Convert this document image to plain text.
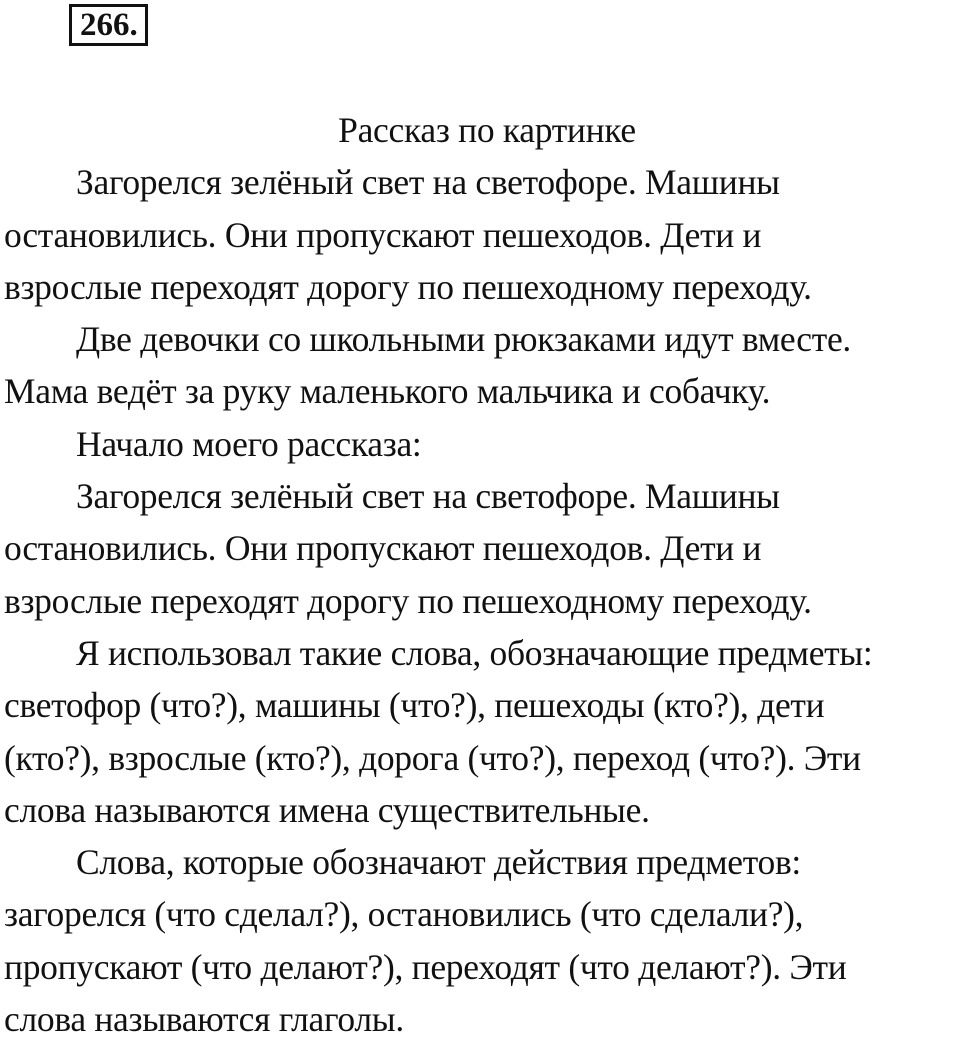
266.
Рассказ по картинке
Загорелся зелёный свет на светофоре. Машины
остановились. Они пропускают пешеходов. Дети и
взрослые переходят дорогу по пешеходному переходу.
Две девочки со школьными рюкзаками идут вместе.
Мама ведёт за руку маленького мальчика и собачку.
Начало моего рассказа:
Загорелся зелёный свет на светофоре. Машины
остановились. Они пропускают пешеходов. Дети и
взрослые переходят дорогу по пешеходному переходу.
Я использовал такие слова, обозначающие предметы:
светофор (что?), машины (что?), пешеходы (кто?), дети
(кто?), взрослые (кто?), дорога (что?), переход (что?). Эти
слова называются имена существительные.
Слова, которые обозначают действия предметов:
загорелся (что сделал?), остановились (что сделали?),
пропускают (что делают?), переходят (что делают?). Эти
слова называются глаголы.
